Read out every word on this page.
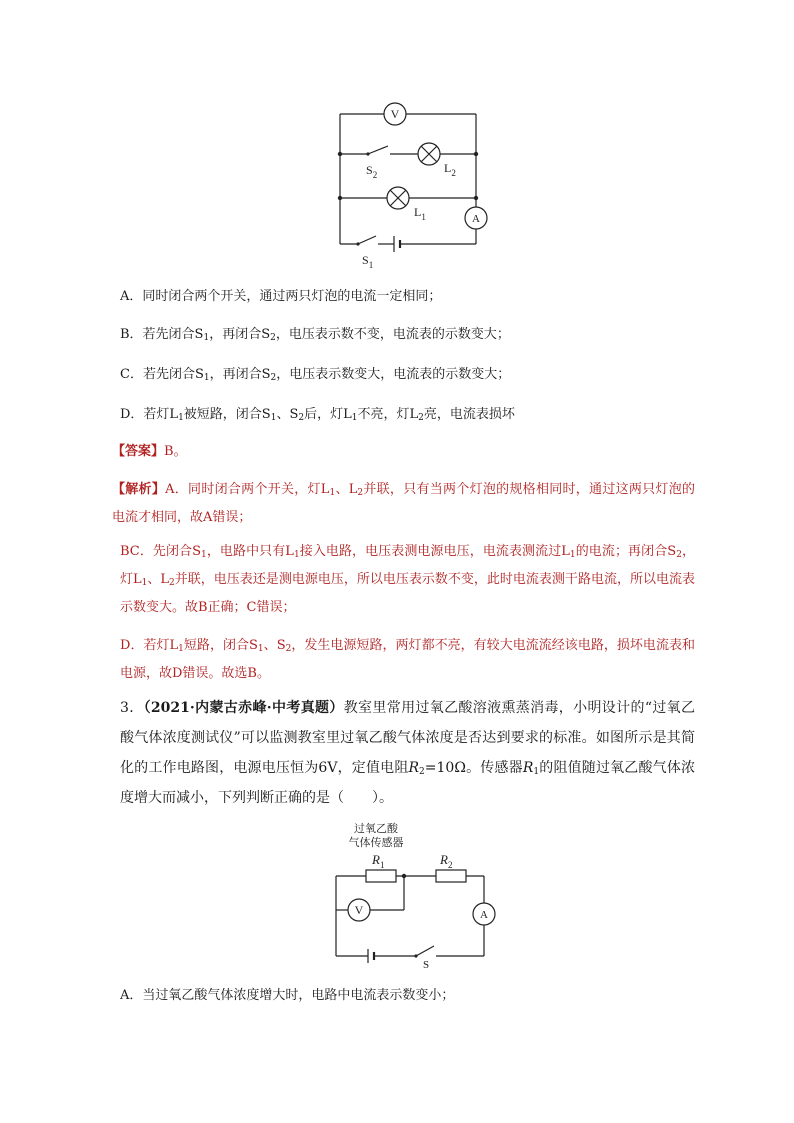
V
A
$S_2$	$L_2$
$L_1$
$S_1$
A．同时闭合两个开关，通过两只灯泡的电流一定相同；
B．若先闭合$S_1$，再闭合$S_2$，电压表示数不变，电流表的示数变大；
C．若先闭合$S_1$，再闭合$S_2$，电压表示数变大，电流表的示数变大；
D．若灯$L_1$被短路，闭合$S_1$、$S_2$后，灯$L_1$不亮，灯$L_2$亮，电流表损坏
【答案】B。
【解析】A．同时闭合两个开关，灯$L_1$、$L_2$并联，只有当两个灯泡的规格相同时，通过这两只灯泡的电流才相同，故A错误；
BC．先闭合$S_1$，电路中只有$L_1$接入电路，电压表测电源电压，电流表测流过$L_1$的电流；再闭合$S_2$，灯$L_1$、$L_2$并联，电压表还是测电源电压，所以电压表示数不变，此时电流表测干路电流，所以电流表示数变大。故B正确；C错误；
D．若灯$L_1$短路，闭合$S_1$、$S_2$，发生电源短路，两灯都不亮，有较大电流流经该电路，损坏电流表和电源，故D错误。故选B。
3．（2021·内蒙古赤峰·中考真题）教室里常用过氧乙酸溶液熏蒸消毒，小明设计的“过氧乙酸气体浓度测试仪”可以监测教室里过氧乙酸气体浓度是否达到要求的标准。如图所示是其简化的工作电路图，电源电压恒为6V，定值电阻$R_2=10\Omega$。传感器$R_1$的阻值随过氧乙酸气体浓度增大而减小，下列判断正确的是（　　）。
过氧乙酸
气体传感器
$R_1$	$R_2$
V	A
S
A．当过氧乙酸气体浓度增大时，电路中电流表示数变小；
